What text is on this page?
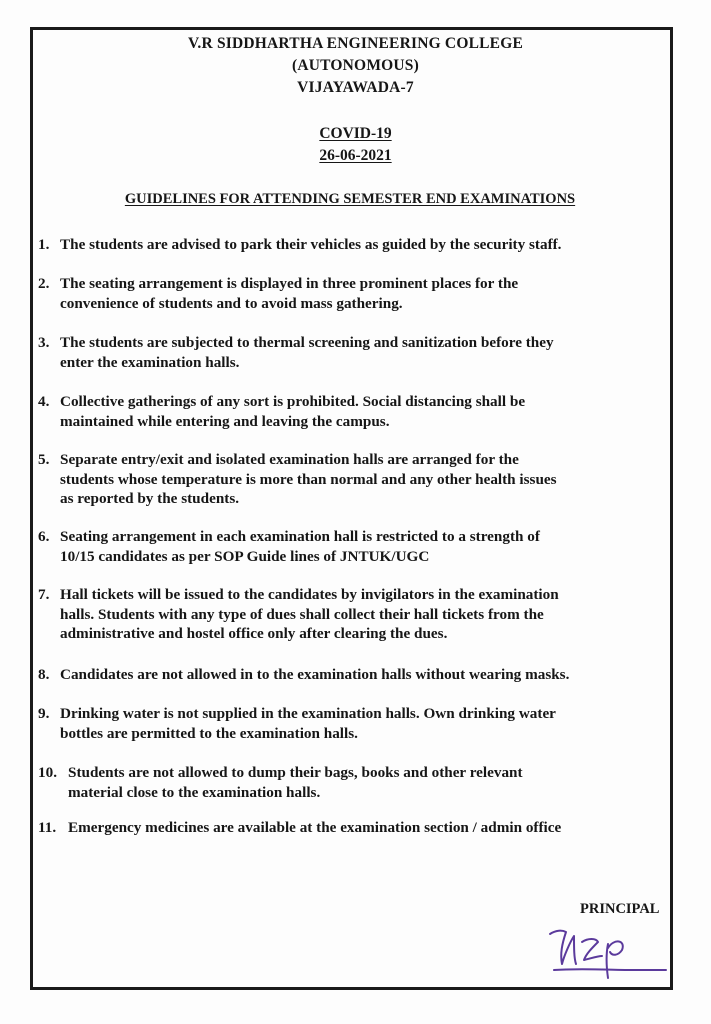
V.R SIDDHARTHA ENGINEERING COLLEGE
(AUTONOMOUS)
VIJAYAWADA-7
COVID-19
26-06-2021
GUIDELINES FOR ATTENDING SEMESTER END EXAMINATIONS
1. The students are advised to park their vehicles as guided by the security staff.
2. The seating arrangement is displayed in three prominent places for the
convenience of students and to avoid mass gathering.
3. The students are subjected to thermal screening and sanitization before they
enter the examination halls.
4. Collective gatherings of any sort is prohibited. Social distancing shall be
maintained while entering and leaving the campus.
5. Separate entry/exit and isolated examination halls are arranged for the
students whose temperature is more than normal and any other health issues
as reported by the students.
6. Seating arrangement in each examination hall is restricted to a strength of
10/15 candidates as per SOP Guide lines of JNTUK/UGC
7. Hall tickets will be issued to the candidates by invigilators in the examination
halls. Students with any type of dues shall collect their hall tickets from the
administrative and hostel office only after clearing the dues.
8. Candidates are not allowed in to the examination halls without wearing masks.
9. Drinking water is not supplied in the examination halls. Own drinking water
bottles are permitted to the examination halls.
10. Students are not allowed to dump their bags, books and other relevant
material close to the examination halls.
11. Emergency medicines are available at the examination section / admin office
PRINCIPAL
